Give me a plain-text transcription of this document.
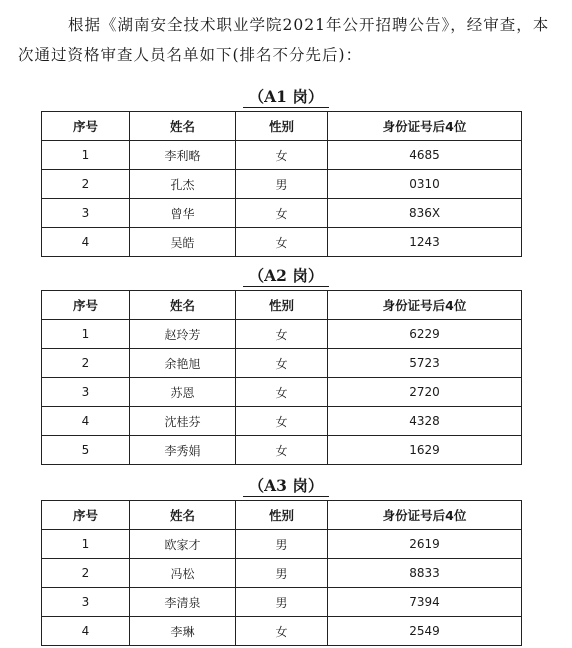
根据《湖南安全技术职业学院2021年公开招聘公告》，经审查，本次通过资格审查人员名单如下(排名不分先后)：

（A1 岗）
序号	姓名	性别	身份证号后4位
1	李利略	女	4685
2	孔杰	男	0310
3	曾华	女	836X
4	吴皓	女	1243
（A2 岗）
序号	姓名	性别	身份证号后4位
1	赵玲芳	女	6229
2	余艳旭	女	5723
3	苏恩	女	2720
4	沈桂芬	女	4328
5	李秀娟	女	1629
（A3 岗）
序号	姓名	性别	身份证号后4位
1	欧家才	男	2619
2	冯松	男	8833
3	李清泉	男	7394
4	李琳	女	2549
